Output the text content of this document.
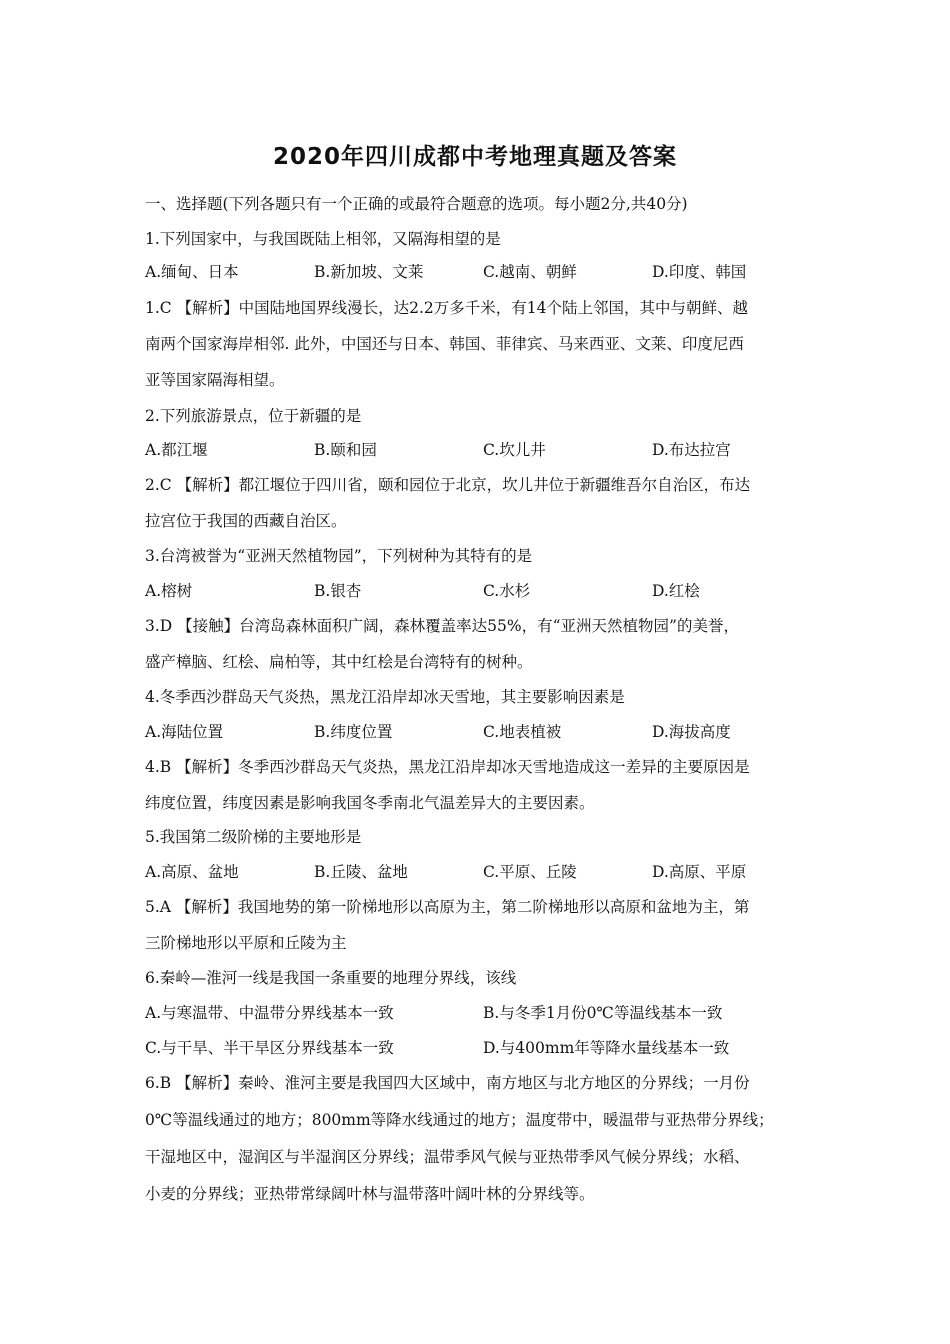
2020年四川成都中考地理真题及答案
一、选择题(下列各题只有一个正确的或最符合题意的选项。每小题2分,共40分)
1.下列国家中，与我国既陆上相邻，又隔海相望的是
A.缅甸、日本	B.新加坡、文莱	C.越南、朝鲜	D.印度、韩国
1.C 【解析】中国陆地国界线漫长，达2.2万多千米，有14个陆上邻国，其中与朝鲜、越
南两个国家海岸相邻. 此外，中国还与日本、韩国、菲律宾、马来西亚、文莱、印度尼西
亚等国家隔海相望。
2.下列旅游景点，位于新疆的是
A.都江堰	B.颐和园	C.坎儿井	D.布达拉宫
2.C 【解析】都江堰位于四川省，颐和园位于北京，坎儿井位于新疆维吾尔自治区，布达
拉宫位于我国的西藏自治区。
3.台湾被誉为“亚洲天然植物园”，下列树种为其特有的是
A.榕树	B.银杏	C.水杉	D.红桧
3.D 【接触】台湾岛森林面积广阔，森林覆盖率达55%，有“亚洲天然植物园”的美誉，
盛产樟脑、红桧、扁柏等，其中红桧是台湾特有的树种。
4.冬季西沙群岛天气炎热，黑龙江沿岸却冰天雪地，其主要影响因素是
A.海陆位置	B.纬度位置	C.地表植被	D.海拔高度
4.B 【解析】冬季西沙群岛天气炎热，黑龙江沿岸却冰天雪地造成这一差异的主要原因是
纬度位置，纬度因素是影响我国冬季南北气温差异大的主要因素。
5.我国第二级阶梯的主要地形是
A.高原、盆地	B.丘陵、盆地	C.平原、丘陵	D.高原、平原
5.A 【解析】我国地势的第一阶梯地形以高原为主，第二阶梯地形以高原和盆地为主，第
三阶梯地形以平原和丘陵为主
6.秦岭—淮河一线是我国一条重要的地理分界线，该线
A.与寒温带、中温带分界线基本一致	B.与冬季1月份0℃等温线基本一致
C.与干旱、半干旱区分界线基本一致	D.与400mm年等降水量线基本一致
6.B 【解析】秦岭、淮河主要是我国四大区域中，南方地区与北方地区的分界线；一月份
0℃等温线通过的地方；800mm等降水线通过的地方；温度带中，暖温带与亚热带分界线；
干湿地区中，湿润区与半湿润区分界线；温带季风气候与亚热带季风气候分界线；水稻、
小麦的分界线；亚热带常绿阔叶林与温带落叶阔叶林的分界线等。
